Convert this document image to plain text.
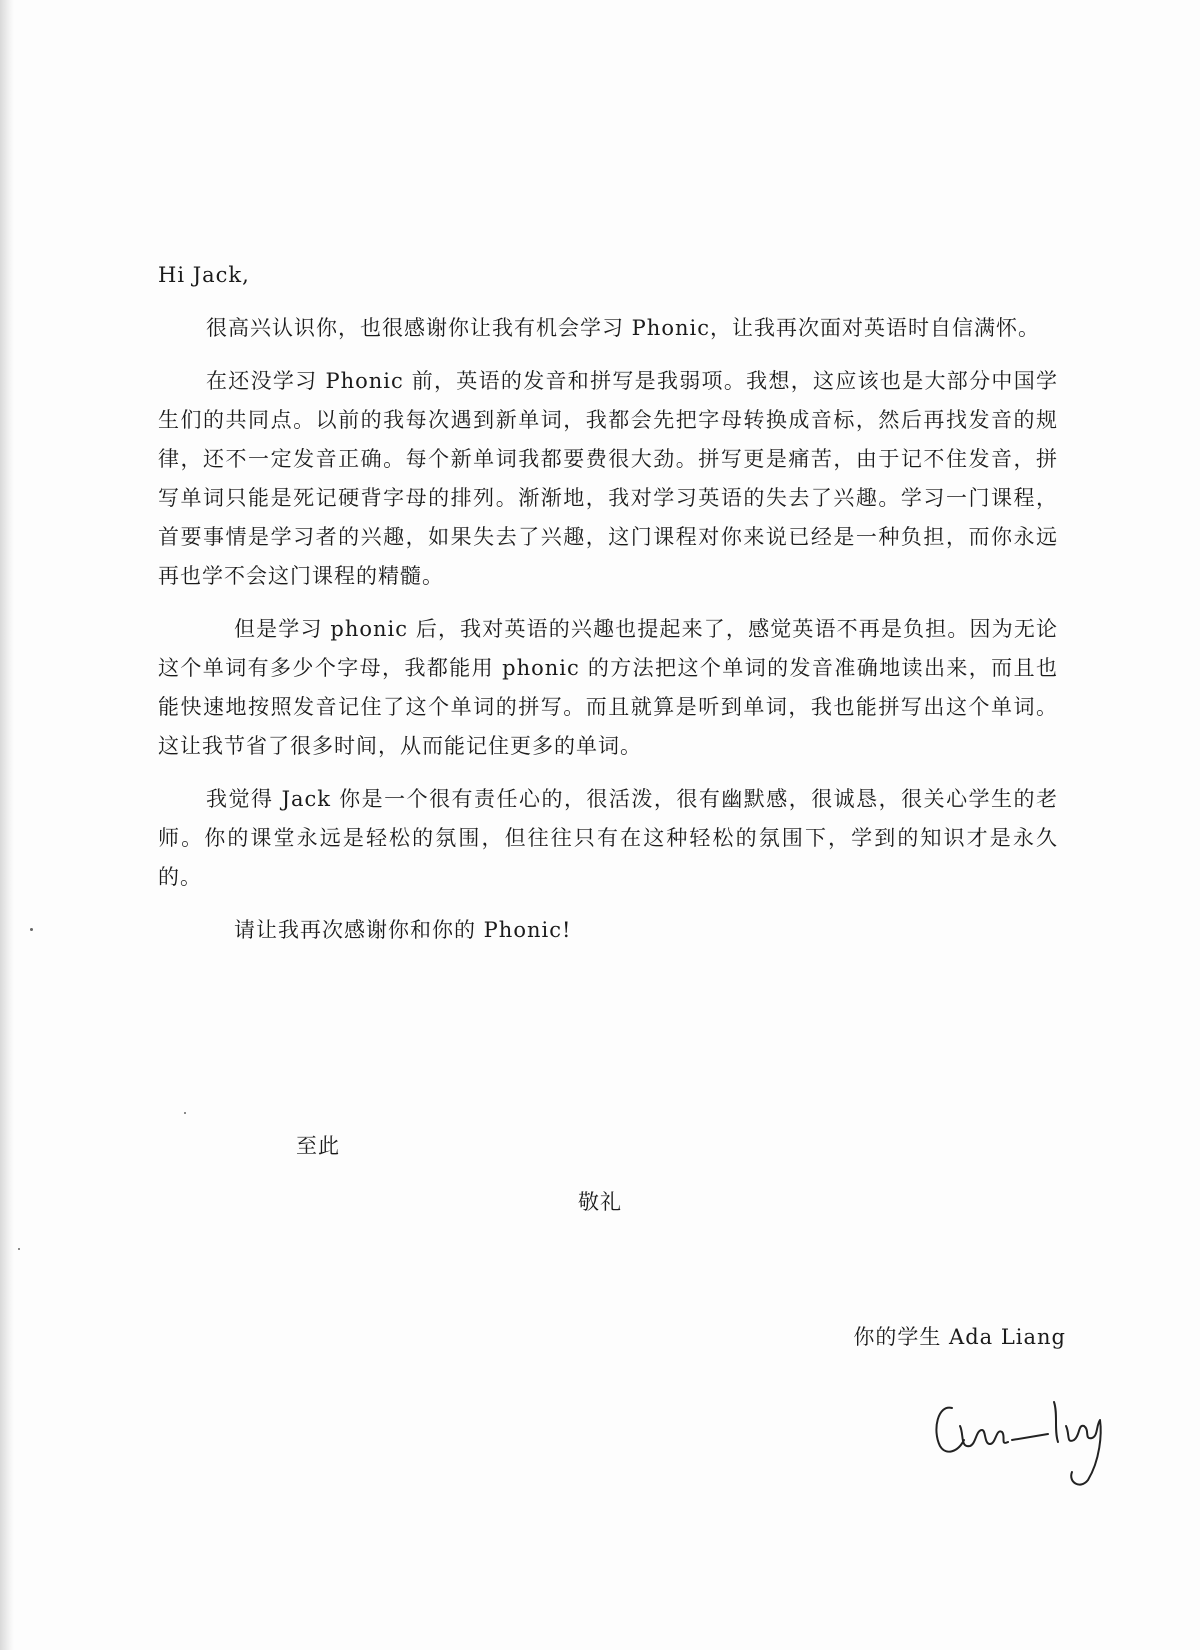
Hi Jack,

很高兴认识你，也很感谢你让我有机会学习 Phonic，让我再次面对英语时自信满怀。

在还没学习 Phonic 前，英语的发音和拼写是我弱项。我想，这应该也是大部分中国学生们的共同点。以前的我每次遇到新单词，我都会先把字母转换成音标，然后再找发音的规律，还不一定发音正确。每个新单词我都要费很大劲。拼写更是痛苦，由于记不住发音，拼写单词只能是死记硬背字母的排列。渐渐地，我对学习英语的失去了兴趣。学习一门课程，首要事情是学习者的兴趣，如果失去了兴趣，这门课程对你来说已经是一种负担，而你永远再也学不会这门课程的精髓。

但是学习 phonic 后，我对英语的兴趣也提起来了，感觉英语不再是负担。因为无论这个单词有多少个字母，我都能用 phonic 的方法把这个单词的发音准确地读出来，而且也能快速地按照发音记住了这个单词的拼写。而且就算是听到单词，我也能拼写出这个单词。这让我节省了很多时间，从而能记住更多的单词。

我觉得 Jack 你是一个很有责任心的，很活泼，很有幽默感，很诚恳，很关心学生的老师。你的课堂永远是轻松的氛围，但往往只有在这种轻松的氛围下，学到的知识才是永久的。

请让我再次感谢你和你的 Phonic!

至此
敬礼
你的学生 Ada Liang
